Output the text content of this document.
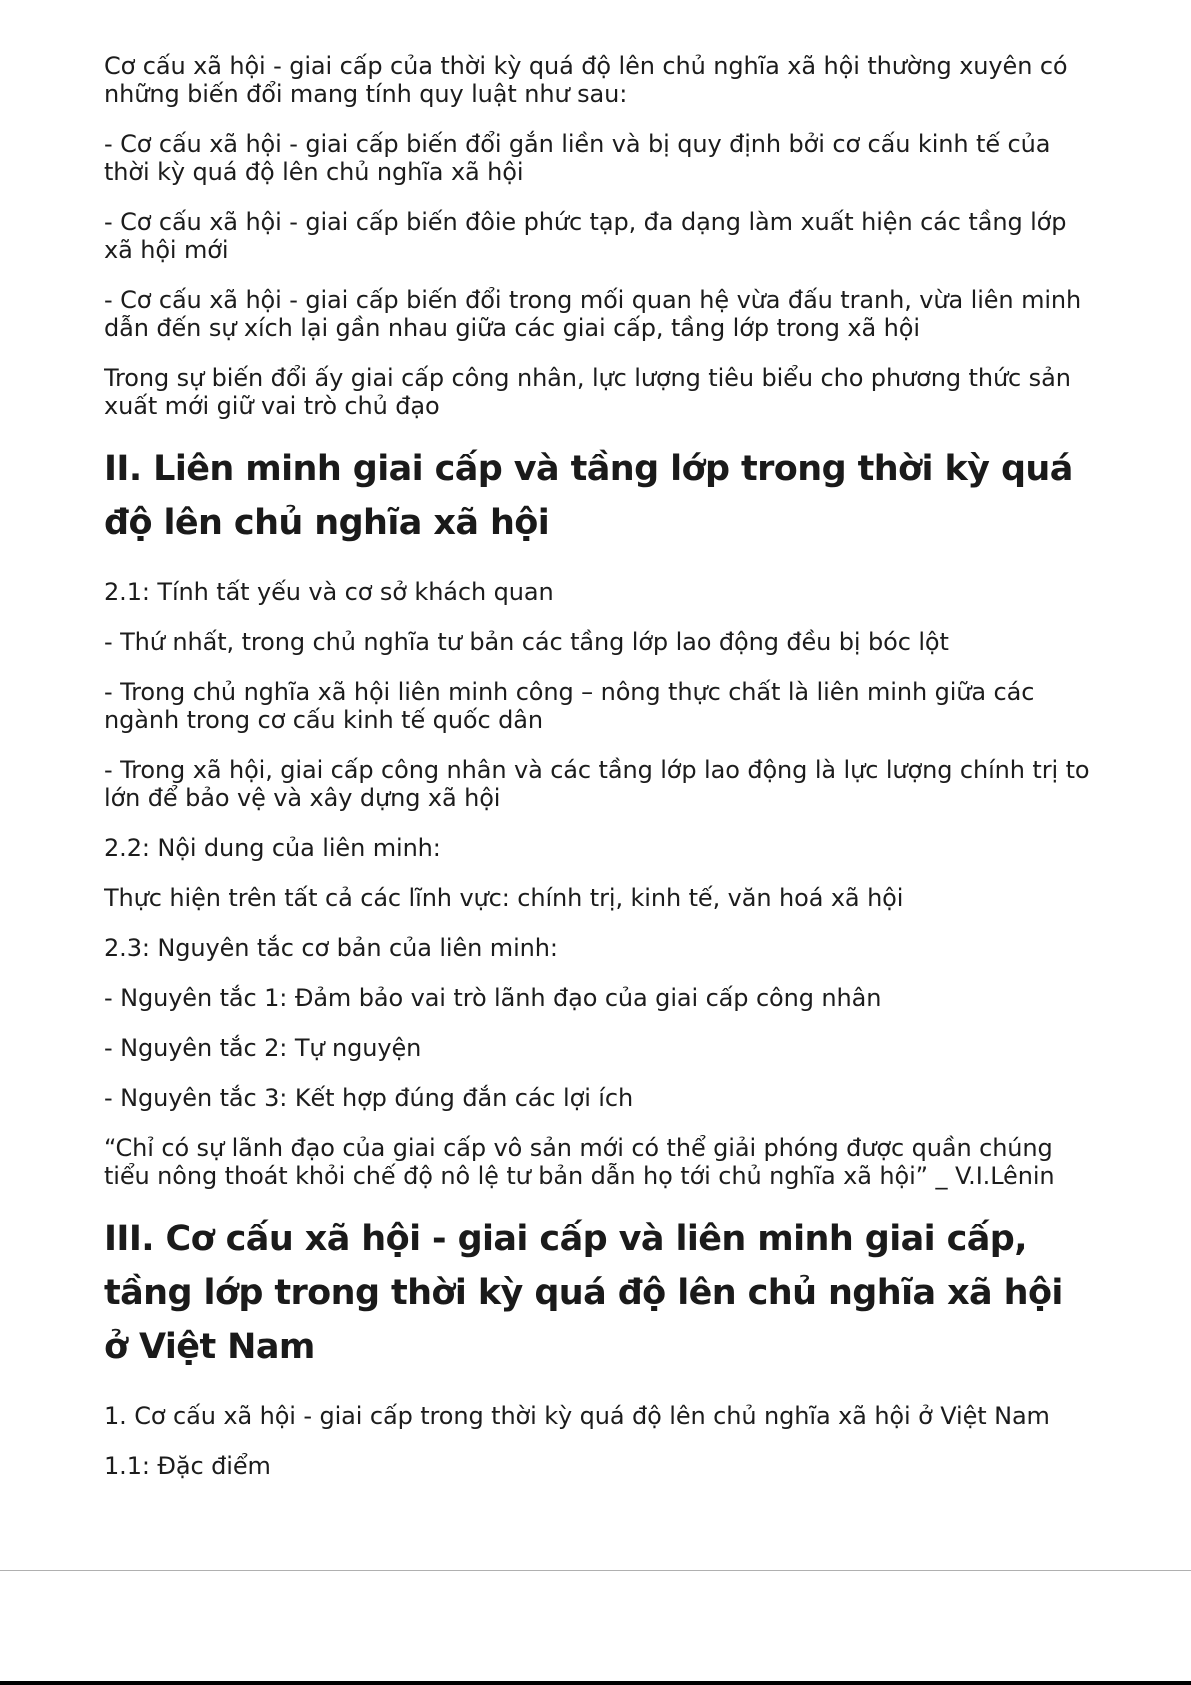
Cơ cấu xã hội - giai cấp của thời kỳ quá độ lên chủ nghĩa xã hội thường xuyên có những biến đổi mang tính quy luật như sau:

- Cơ cấu xã hội - giai cấp biến đổi gắn liền và bị quy định bởi cơ cấu kinh tế của thời kỳ quá độ lên chủ nghĩa xã hội

- Cơ cấu xã hội - giai cấp biến đôie phức tạp, đa dạng làm xuất hiện các tầng lớp xã hội mới

- Cơ cấu xã hội - giai cấp biến đổi trong mối quan hệ vừa đấu tranh, vừa liên minh dẫn đến sự xích lại gần nhau giữa các giai cấp, tầng lớp trong xã hội

Trong sự biến đổi ấy giai cấp công nhân, lực lượng tiêu biểu cho phương thức sản xuất mới giữ vai trò chủ đạo

II. Liên minh giai cấp và tầng lớp trong thời kỳ quá độ lên chủ nghĩa xã hội

2.1: Tính tất yếu và cơ sở khách quan

- Thứ nhất, trong chủ nghĩa tư bản các tầng lớp lao động đều bị bóc lột

- Trong chủ nghĩa xã hội liên minh công – nông thực chất là liên minh giữa các ngành trong cơ cấu kinh tế quốc dân

- Trong xã hội, giai cấp công nhân và các tầng lớp lao động là lực lượng chính trị to lớn để bảo vệ và xây dựng xã hội

2.2: Nội dung của liên minh:

Thực hiện trên tất cả các lĩnh vực: chính trị, kinh tế, văn hoá xã hội

2.3: Nguyên tắc cơ bản của liên minh:

- Nguyên tắc 1: Đảm bảo vai trò lãnh đạo của giai cấp công nhân

- Nguyên tắc 2: Tự nguyện

- Nguyên tắc 3: Kết hợp đúng đắn các lợi ích

“Chỉ có sự lãnh đạo của giai cấp vô sản mới có thể giải phóng được quần chúng tiểu nông thoát khỏi chế độ nô lệ tư bản dẫn họ tới chủ nghĩa xã hội” _ V.I.Lênin

III. Cơ cấu xã hội - giai cấp và liên minh giai cấp, tầng lớp trong thời kỳ quá độ lên chủ nghĩa xã hội ở Việt Nam

1. Cơ cấu xã hội - giai cấp trong thời kỳ quá độ lên chủ nghĩa xã hội ở Việt Nam

1.1: Đặc điểm
